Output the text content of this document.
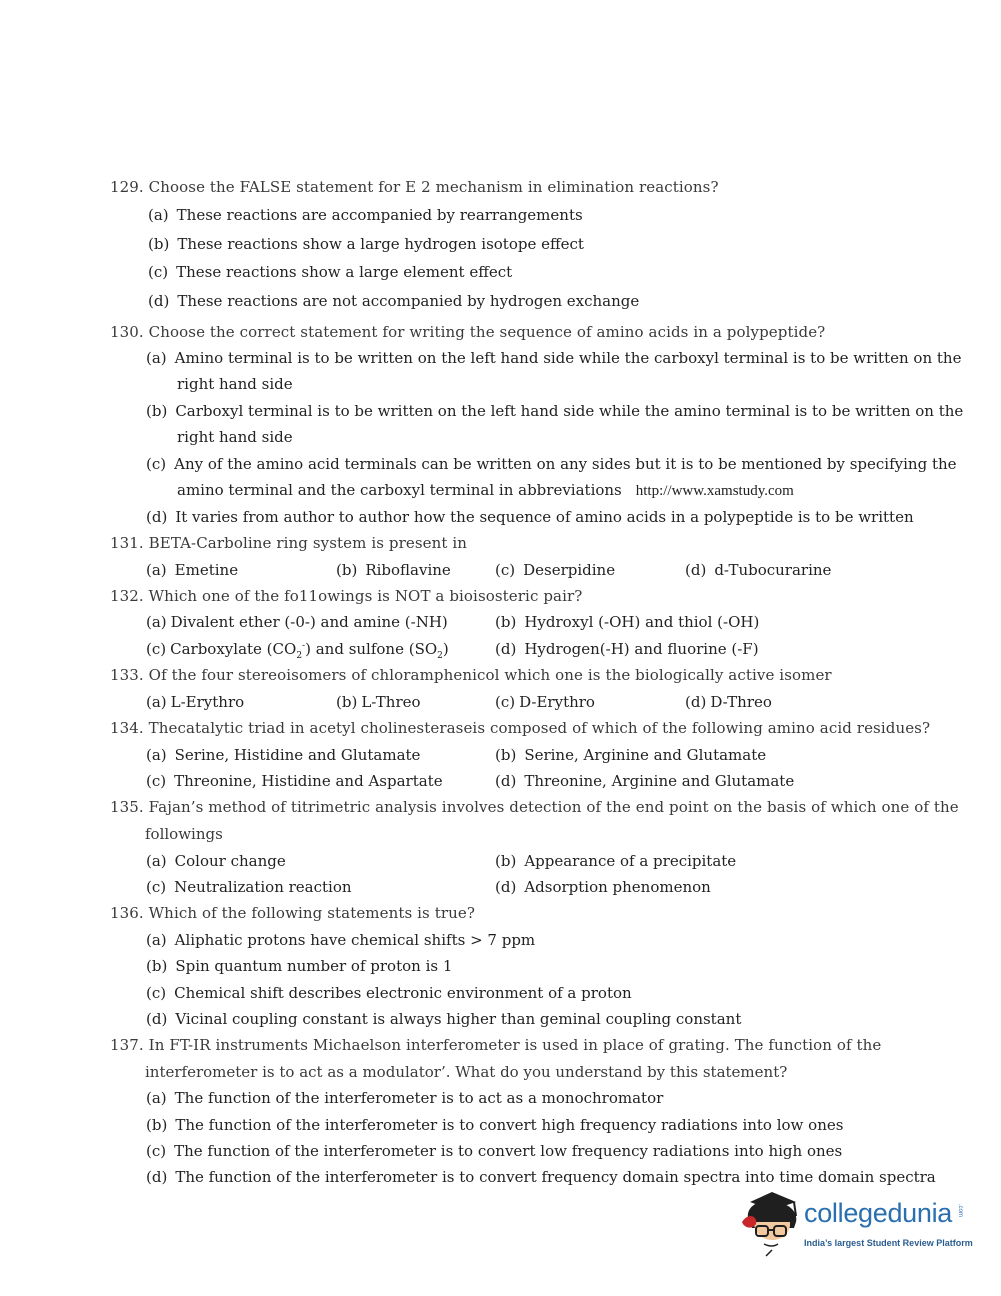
129. Choose the FALSE statement for E 2 mechanism in elimination reactions?
(a) These reactions are accompanied by rearrangements
(b) These reactions show a large hydrogen isotope effect
(c) These reactions show a large element effect
(d) These reactions are not accompanied by hydrogen exchange
130. Choose the correct statement for writing the sequence of amino acids in a polypeptide?
(a) Amino terminal is to be written on the left hand side while the carboxyl terminal is to be written on the
right hand side
(b) Carboxyl terminal is to be written on the left hand side while the amino terminal is to be written on the
right hand side
(c) Any of the amino acid terminals can be written on any sides but it is to be mentioned by specifying the
amino terminal and the carboxyl terminal in abbreviations http://www.xamstudy.com
(d) It varies from author to author how the sequence of amino acids in a polypeptide is to be written
131. BETA-Carboline ring system is present in
(a) Emetine	(b) Riboflavine	(c) Deserpidine	(d) d-Tubocurarine
132. Which one of the fo11owings is NOT a bioisosteric pair?
(a) Divalent ether (-0-) and amine (-NH)	(b) Hydroxyl (-OH) and thiol (-OH)
(c) Carboxylate $(CO_2^-)$ and sulfone $(SO_2)$	(d) Hydrogen(-H) and fluorine (-F)
133. Of the four stereoisomers of chloramphenicol which one is the biologically active isomer
(a) L-Erythro	(b) L-Threo	(c) D-Erythro	(d) D-Threo
134. Thecatalytic triad in acetyl cholinesteraseis composed of which of the following amino acid residues?
(a) Serine, Histidine and Glutamate	(b) Serine, Arginine and Glutamate
(c) Threonine, Histidine and Aspartate	(d) Threonine, Arginine and Glutamate
135. Fajan’s method of titrimetric analysis involves detection of the end point on the basis of which one of the
followings
(a) Colour change	(b) Appearance of a precipitate
(c) Neutralization reaction	(d) Adsorption phenomenon
136. Which of the following statements is true?
(a) Aliphatic protons have chemical shifts > 7 ppm
(b) Spin quantum number of proton is 1
(c) Chemical shift describes electronic environment of a proton
(d) Vicinal coupling constant is always higher than geminal coupling constant
137. In FT-IR instruments Michaelson interferometer is used in place of grating. The function of the
interferometer is to act as a modulator’. What do you understand by this statement?
(a) The function of the interferometer is to act as a monochromator
(b) The function of the interferometer is to convert high frequency radiations into low ones
(c) The function of the interferometer is to convert low frequency radiations into high ones
(d) The function of the interferometer is to convert frequency domain spectra into time domain spectra
collegedunia .com
India’s largest Student Review Platform
